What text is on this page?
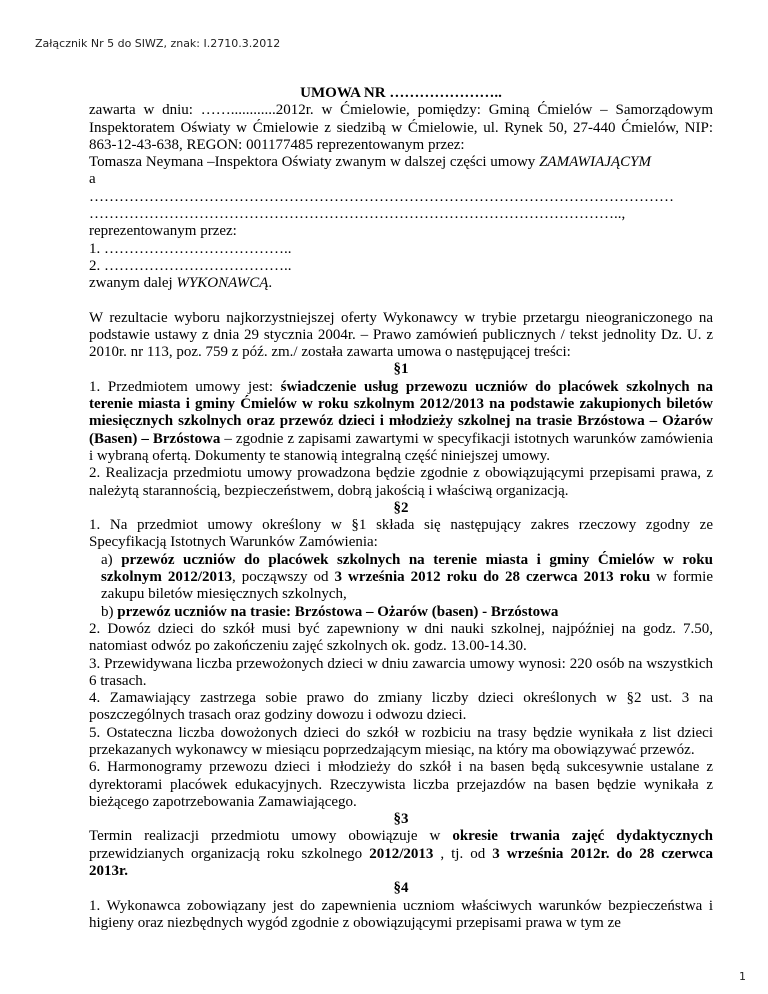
Załącznik Nr 5 do SIWZ, znak: I.2710.3.2012

UMOWA NR …………………..

zawarta w dniu: ……............2012r. w Ćmielowie, pomiędzy: Gminą Ćmielów – Samorządowym Inspektoratem Oświaty w Ćmielowie z siedzibą w Ćmielowie, ul. Rynek 50, 27-440 Ćmielów, NIP: 863-12-43-638, REGON: 001177485 reprezentowanym przez:

Tomasza Neymana –Inspektora Oświaty zwanym w dalszej części umowy ZAMAWIAJĄCYM

a

………………………………………………………………………………………………………

……………………………………………………………………………………………..,

reprezentowanym przez:

1. ………………………………..

2. ………………………………..

zwanym dalej WYKONAWCĄ.

W rezultacie wyboru najkorzystniejszej oferty Wykonawcy w trybie przetargu nieograniczonego na podstawie ustawy z dnia 29 stycznia 2004r. – Prawo zamówień publicznych / tekst jednolity Dz. U. z 2010r. nr 113, poz. 759 z póź. zm./ została zawarta umowa o następującej treści:

§1

1. Przedmiotem umowy jest: świadczenie usług przewozu uczniów do placówek szkolnych na terenie miasta i gminy Ćmielów w roku szkolnym 2012/2013 na podstawie zakupionych biletów miesięcznych szkolnych oraz przewóz dzieci i młodzieży szkolnej na trasie Brzóstowa – Ożarów (Basen) – Brzóstowa – zgodnie z zapisami zawartymi w specyfikacji istotnych warunków zamówienia i wybraną ofertą. Dokumenty te stanowią integralną część niniejszej umowy.

2. Realizacja przedmiotu umowy prowadzona będzie zgodnie z obowiązującymi przepisami prawa, z należytą starannością, bezpieczeństwem, dobrą jakością i właściwą organizacją.

§2

1. Na przedmiot umowy określony w §1 składa się następujący zakres rzeczowy zgodny ze Specyfikacją Istotnych Warunków Zamówienia:

a) przewóz uczniów do placówek szkolnych na terenie miasta i gminy Ćmielów w roku szkolnym 2012/2013, począwszy od 3 września 2012 roku do 28 czerwca 2013 roku w formie zakupu biletów miesięcznych szkolnych,

b) przewóz uczniów na trasie: Brzóstowa – Ożarów (basen) - Brzóstowa

2. Dowóz dzieci do szkół musi być zapewniony w dni nauki szkolnej, najpóźniej na godz. 7.50, natomiast odwóz po zakończeniu zajęć szkolnych ok. godz. 13.00-14.30.

3. Przewidywana liczba przewożonych dzieci w dniu zawarcia umowy wynosi: 220 osób na wszystkich 6 trasach.

4. Zamawiający zastrzega sobie prawo do zmiany liczby dzieci określonych w §2 ust. 3 na poszczególnych trasach oraz godziny dowozu i odwozu dzieci.

5. Ostateczna liczba dowożonych dzieci do szkół w rozbiciu na trasy będzie wynikała z list dzieci przekazanych wykonawcy w miesiącu poprzedzającym miesiąc, na który ma obowiązywać przewóz.

6. Harmonogramy przewozu dzieci i młodzieży do szkół i na basen będą sukcesywnie ustalane z dyrektorami placówek edukacyjnych. Rzeczywista liczba przejazdów na basen będzie wynikała z bieżącego zapotrzebowania Zamawiającego.

§3

Termin realizacji przedmiotu umowy obowiązuje w okresie trwania zajęć dydaktycznych przewidzianych organizacją roku szkolnego 2012/2013 , tj. od 3 września 2012r. do 28 czerwca 2013r.

§4

1. Wykonawca zobowiązany jest do zapewnienia uczniom właściwych warunków bezpieczeństwa i higieny oraz niezbędnych wygód zgodnie z obowiązującymi przepisami prawa w tym ze

1
